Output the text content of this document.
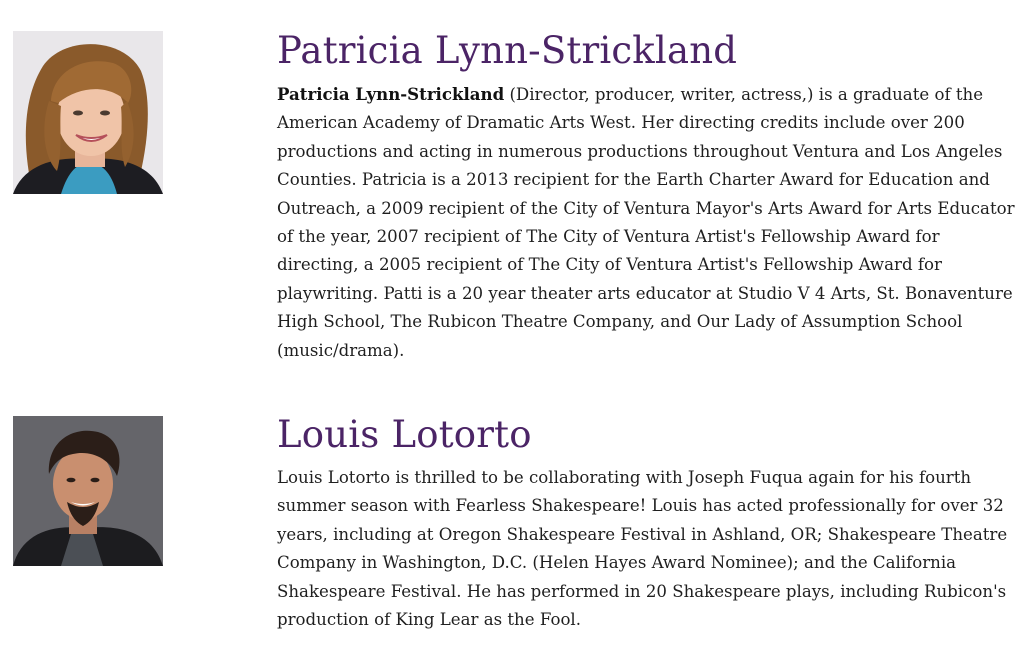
Patricia Lynn-Strickland

Patricia Lynn-Strickland (Director, producer, writer, actress,) is a graduate of the American Academy of Dramatic Arts West. Her directing credits include over 200 productions and acting in numerous productions throughout Ventura and Los Angeles Counties. Patricia is a 2013 recipient for the Earth Charter Award for Education and Outreach, a 2009 recipient of the City of Ventura Mayor's Arts Award for Arts Educator of the year, 2007 recipient of The City of Ventura Artist's Fellowship Award for directing, a 2005 recipient of The City of Ventura Artist's Fellowship Award for playwriting. Patti is a 20 year theater arts educator at Studio V 4 Arts, St. Bonaventure High School, The Rubicon Theatre Company, and Our Lady of Assumption School (music/drama).

Louis Lotorto

Louis Lotorto is thrilled to be collaborating with Joseph Fuqua again for his fourth summer season with Fearless Shakespeare! Louis has acted professionally for over 32 years, including at Oregon Shakespeare Festival in Ashland, OR; Shakespeare Theatre Company in Washington, D.C. (Helen Hayes Award Nominee); and the California Shakespeare Festival. He has performed in 20 Shakespeare plays, including Rubicon's production of King Lear as the Fool.
